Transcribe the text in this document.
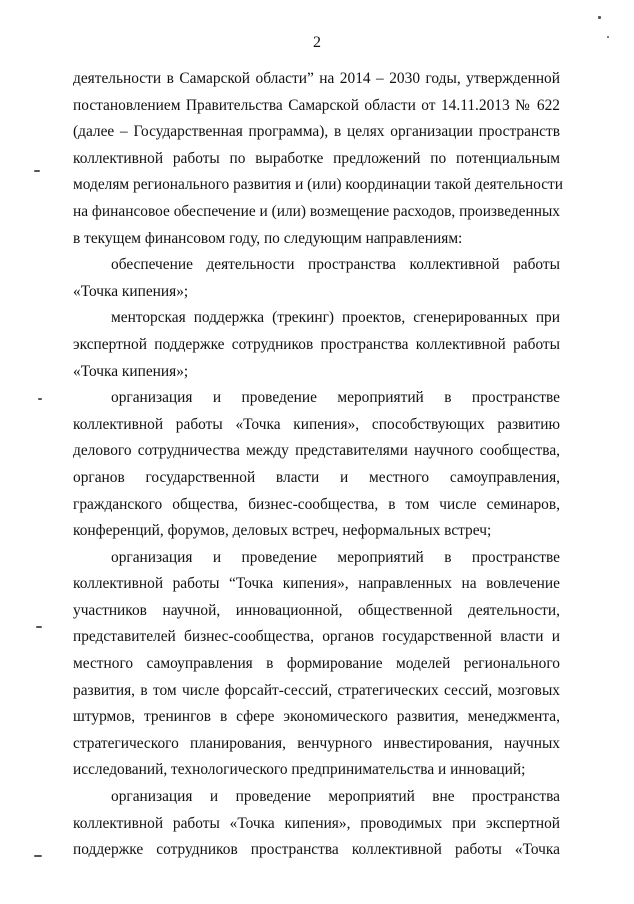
2

деятельности в Самарской области” на 2014 – 2030 годы, утвержденной
постановлением Правительства Самарской области от 14.11.2013 № 622
(далее – Государственная программа), в целях организации пространств
коллективной работы по выработке предложений по потенциальным
моделям регионального развития и (или) координации такой деятельности
на финансовое обеспечение и (или) возмещение расходов, произведенных
в текущем финансовом году, по следующим направлениям:

обеспечение деятельности пространства коллективной работы
«Точка кипения»;

менторская поддержка (трекинг) проектов, сгенерированных при
экспертной поддержке сотрудников пространства коллективной работы
«Точка кипения»;

организация и проведение мероприятий в пространстве
коллективной работы «Точка кипения», способствующих развитию
делового сотрудничества между представителями научного сообщества,
органов государственной власти и местного самоуправления,
гражданского общества, бизнес-сообщества, в том числе семинаров,
конференций, форумов, деловых встреч, неформальных встреч;

организация и проведение мероприятий в пространстве
коллективной работы “Точка кипения», направленных на вовлечение
участников научной, инновационной, общественной деятельности,
представителей бизнес-сообщества, органов государственной власти и
местного самоуправления в формирование моделей регионального
развития, в том числе форсайт-сессий, стратегических сессий, мозговых
штурмов, тренингов в сфере экономического развития, менеджмента,
стратегического планирования, венчурного инвестирования, научных
исследований, технологического предпринимательства и инноваций;

организация и проведение мероприятий вне пространства
коллективной работы «Точка кипения», проводимых при экспертной
поддержке сотрудников пространства коллективной работы «Точка
